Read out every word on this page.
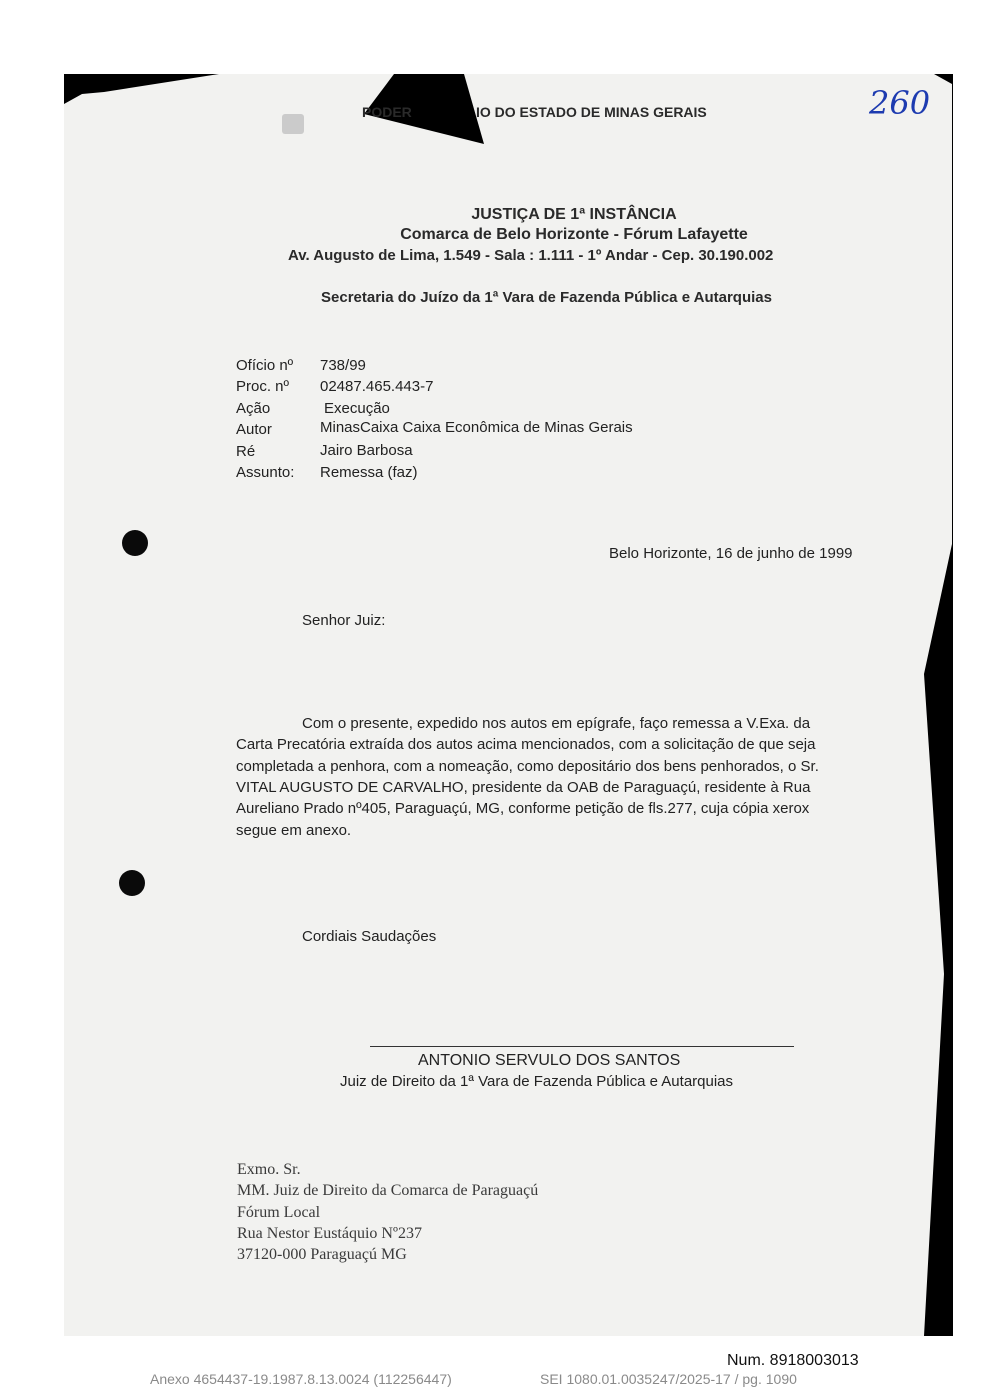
PODER	IO DO ESTADO DE MINAS GERAIS
JUSTIÇA DE 1ª INSTÂNCIA
Comarca de Belo Horizonte - Fórum Lafayette
Av. Augusto de Lima, 1.549 - Sala : 1.111 - 1º Andar - Cep. 30.190.002
Secretaria do Juízo da 1ª Vara de Fazenda Pública e Autarquias
Ofício nº 738/99
Proc. nº 02487.465.443-7
Ação	Execução
Autor	MinasCaixa Caixa Econômica de Minas Gerais
Ré	Jairo Barbosa
Assunto: Remessa (faz)
Belo Horizonte, 16 de junho de 1999
Senhor Juiz:
Com o presente, expedido nos autos em epígrafe, faço remessa a V.Exa. da
Carta Precatória extraída dos autos acima mencionados, com a solicitação de que seja
completada a penhora, com a nomeação, como depositário dos bens penhorados, o Sr.
VITAL AUGUSTO DE CARVALHO, presidente da OAB de Paraguaçú, residente à Rua
Aureliano Prado nº405, Paraguaçú, MG, conforme petição de fls.277, cuja cópia xerox
segue em anexo.
Cordiais Saudações
ANTONIO SERVULO DOS SANTOS
Juiz de Direito da 1ª Vara de Fazenda Pública e Autarquias
Exmo. Sr.
MM. Juiz de Direito da Comarca de Paraguaçú
Fórum Local
Rua Nestor Eustáquio Nº237
37120-000 Paraguaçú MG
260
Num. 8918003013
Anexo 4654437-19.1987.8.13.0024 (112256447)	SEI 1080.01.0035247/2025-17 / pg. 1090
